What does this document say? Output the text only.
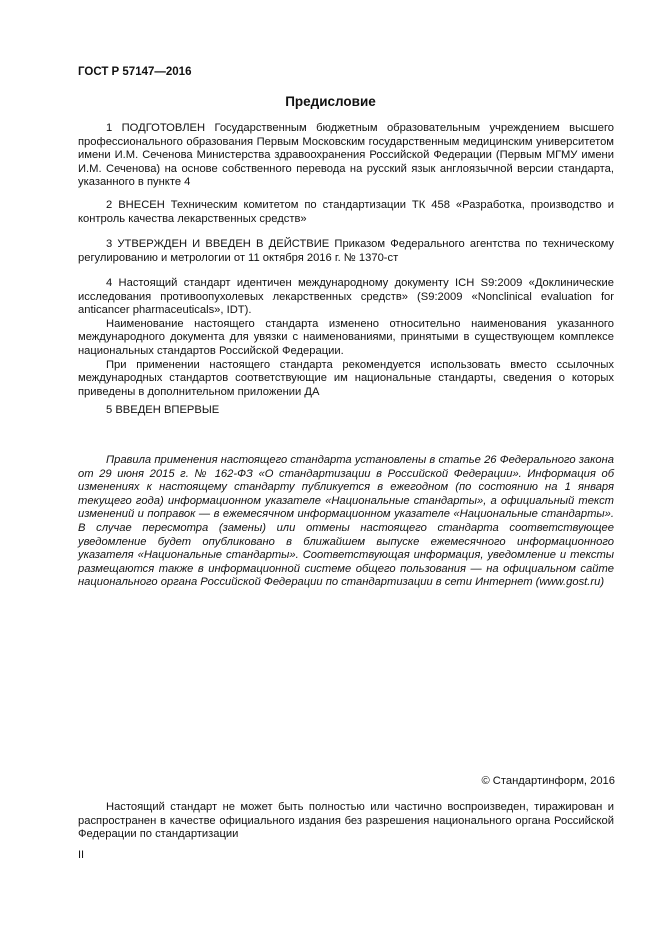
ГОСТ Р 57147—2016
Предисловие

1 ПОДГОТОВЛЕН Государственным бюджетным образовательным учреждением высшего профессионального образования Первым Московским государственным медицинским университетом имени И.М. Сеченова Министерства здравоохранения Российской Федерации (Первым МГМУ имени И.М. Сеченова) на основе собственного перевода на русский язык англоязычной версии стандарта, указанного в пункте 4

2 ВНЕСЕН Техническим комитетом по стандартизации ТК 458 «Разработка, производство и контроль качества лекарственных средств»

3 УТВЕРЖДЕН И ВВЕДЕН В ДЕЙСТВИЕ Приказом Федерального агентства по техническому регулированию и метрологии от 11 октября 2016 г. № 1370-ст

4 Настоящий стандарт идентичен международному документу ICH S9:2009 «Доклинические исследования противоопухолевых лекарственных средств» (S9:2009 «Nonclinical evaluation for anticancer pharmaceuticals», IDT).

Наименование настоящего стандарта изменено относительно наименования указанного международного документа для увязки с наименованиями, принятыми в существующем комплексе национальных стандартов Российской Федерации.

При применении настоящего стандарта рекомендуется использовать вместо ссылочных международных стандартов соответствующие им национальные стандарты, сведения о которых приведены в дополнительном приложении ДА

5 ВВЕДЕН ВПЕРВЫЕ

Правила применения настоящего стандарта установлены в статье 26 Федерального закона от 29 июня 2015 г. № 162-ФЗ «О стандартизации в Российской Федерации». Информация об изменениях к настоящему стандарту публикуется в ежегодном (по состоянию на 1 января текущего года) информационном указателе «Национальные стандарты», а официальный текст изменений и поправок — в ежемесячном информационном указателе «Национальные стандарты». В случае пересмотра (замены) или отмены настоящего стандарта соответствующее уведомление будет опубликовано в ближайшем выпуске ежемесячного информационного указателя «Национальные стандарты». Соответствующая информация, уведомление и тексты размещаются также в информационной системе общего пользования — на официальном сайте национального органа Российской Федерации по стандартизации в сети Интернет (www.gost.ru)

© Стандартинформ, 2016

Настоящий стандарт не может быть полностью или частично воспроизведен, тиражирован и распространен в качестве официального издания без разрешения национального органа Российской Федерации по стандартизации

II
